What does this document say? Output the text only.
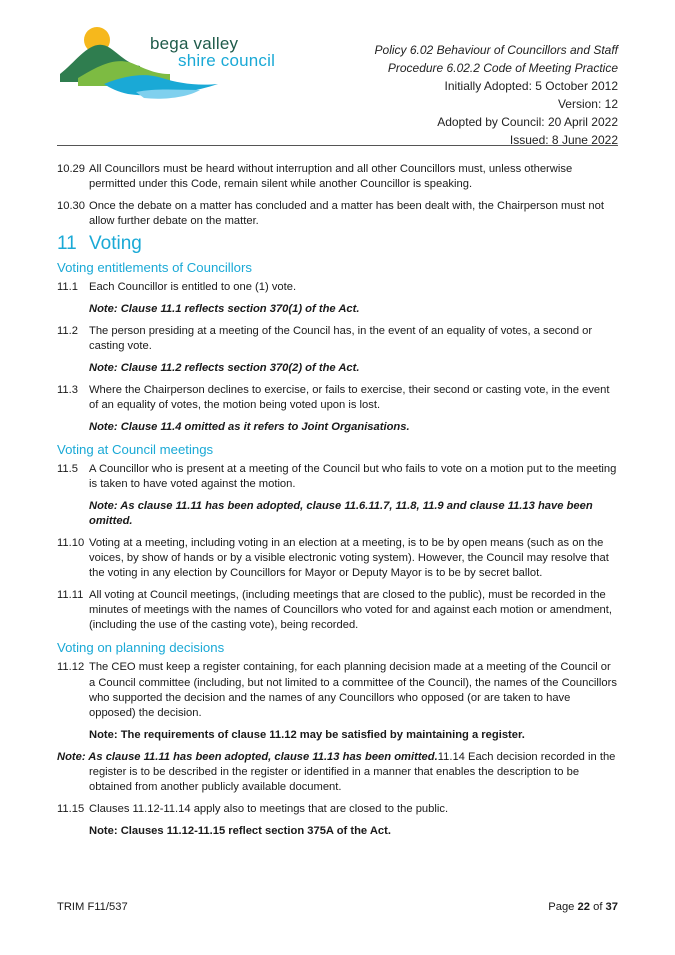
bega valley
shire council
Policy 6.02 Behaviour of Councillors and Staff
Procedure 6.02.2 Code of Meeting Practice
Initially Adopted: 5 October 2012
Version: 12
Adopted by Council: 20 April 2022
Issued: 8 June 2022
10.29 All Councillors must be heard without interruption and all other Councillors must, unless otherwise permitted under this Code, remain silent while another Councillor is speaking.
10.30 Once the debate on a matter has concluded and a matter has been dealt with, the Chairperson must not allow further debate on the matter.
11 Voting
Voting entitlements of Councillors
11.1 Each Councillor is entitled to one (1) vote.
Note: Clause 11.1 reflects section 370(1) of the Act.
11.2 The person presiding at a meeting of the Council has, in the event of an equality of votes, a second or casting vote.
Note: Clause 11.2 reflects section 370(2) of the Act.
11.3 Where the Chairperson declines to exercise, or fails to exercise, their second or casting vote, in the event of an equality of votes, the motion being voted upon is lost.
Note: Clause 11.4 omitted as it refers to Joint Organisations.
Voting at Council meetings
11.5 A Councillor who is present at a meeting of the Council but who fails to vote on a motion put to the meeting is taken to have voted against the motion.
Note: As clause 11.11 has been adopted, clause 11.6.11.7, 11.8, 11.9 and clause 11.13 have been omitted.
11.10 Voting at a meeting, including voting in an election at a meeting, is to be by open means (such as on the voices, by show of hands or by a visible electronic voting system). However, the Council may resolve that the voting in any election by Councillors for Mayor or Deputy Mayor is to be by secret ballot.
11.11 All voting at Council meetings, (including meetings that are closed to the public), must be recorded in the minutes of meetings with the names of Councillors who voted for and against each motion or amendment, (including the use of the casting vote), being recorded.
Voting on planning decisions
11.12 The CEO must keep a register containing, for each planning decision made at a meeting of the Council or a Council committee (including, but not limited to a committee of the Council), the names of the Councillors who supported the decision and the names of any Councillors who opposed (or are taken to have opposed) the decision.
Note: The requirements of clause 11.12 may be satisfied by maintaining a register.
Note: As clause 11.11 has been adopted, clause 11.13 has been omitted.11.14 Each decision recorded in the register is to be described in the register or identified in a manner that enables the description to be obtained from another publicly available document.
11.15 Clauses 11.12-11.14 apply also to meetings that are closed to the public.
Note: Clauses 11.12-11.15 reflect section 375A of the Act.
TRIM F11/537	Page 22 of 37
